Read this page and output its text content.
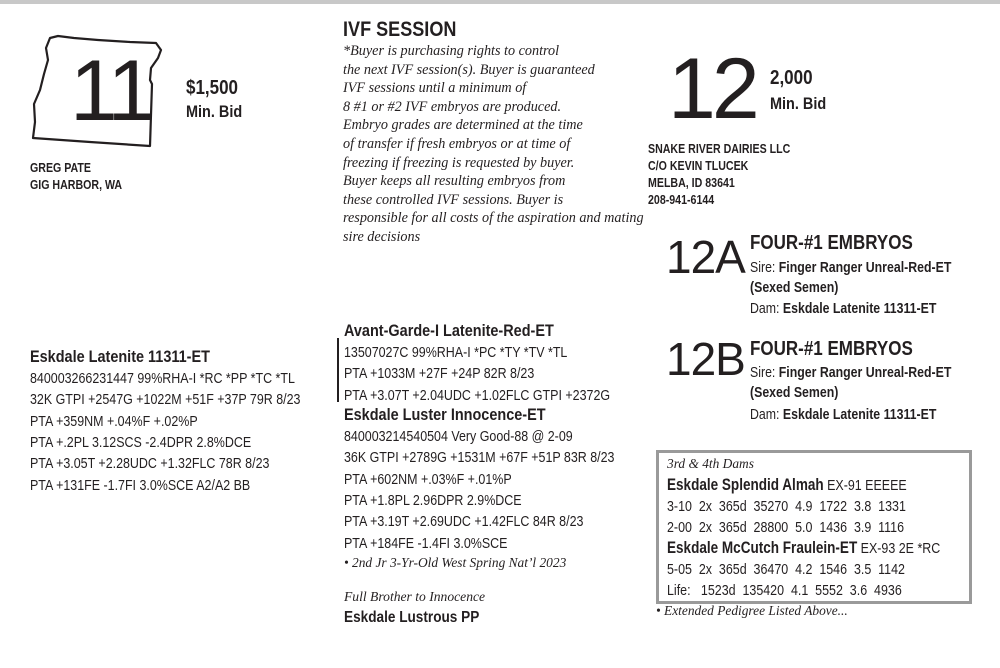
11 $1,500
Min. Bid
GREG PATE
GIG HARBOR, WA
IVF SESSION
*Buyer is purchasing rights to control
the next IVF session(s). Buyer is guaranteed
IVF sessions until a minimum of
8 #1 or #2 IVF embryos are produced.
Embryo grades are determined at the time
of transfer if fresh embryos or at time of
freezing if freezing is requested by buyer.
Buyer keeps all resulting embryos from
these controlled IVF sessions. Buyer is
responsible for all costs of the aspiration and mating
sire decisions
12 2,000
Min. Bid
SNAKE RIVER DAIRIES LLC
C/O KEVIN TLUCEK
MELBA, ID 83641
208-941-6144
12A FOUR-#1 EMBRYOS
Sire: Finger Ranger Unreal-Red-ET
(Sexed Semen)
Dam: Eskdale Latenite 11311-ET
12B FOUR-#1 EMBRYOS
Sire: Finger Ranger Unreal-Red-ET
(Sexed Semen)
Dam: Eskdale Latenite 11311-ET
Eskdale Latenite 11311-ET
840003266231447 99%RHA-I *RC *PP *TC *TL
32K GTPI +2547G +1022M +51F +37P 79R 8/23
PTA +359NM +.04%F +.02%P
PTA +.2PL 3.12SCS -2.4DPR 2.8%DCE
PTA +3.05T +2.28UDC +1.32FLC 78R 8/23
PTA +131FE -1.7FI 3.0%SCE A2/A2 BB
Avant-Garde-I Latenite-Red-ET
13507027C 99%RHA-I *PC *TY *TV *TL
PTA +1033M +27F +24P 82R 8/23
PTA +3.07T +2.04UDC +1.02FLC GTPI +2372G
Eskdale Luster Innocence-ET
840003214540504 Very Good-88 @ 2-09
36K GTPI +2789G +1531M +67F +51P 83R 8/23
PTA +602NM +.03%F +.01%P
PTA +1.8PL 2.96DPR 2.9%DCE
PTA +3.19T +2.69UDC +1.42FLC 84R 8/23
PTA +184FE -1.4FI 3.0%SCE
• 2nd Jr 3-Yr-Old West Spring Nat’l 2023
Full Brother to Innocence
Eskdale Lustrous PP
3rd & 4th Dams
Eskdale Splendid Almah EX-91 EEEEE
3-10  2x  365d  35270  4.9  1722  3.8  1331
2-00  2x  365d  28800  5.0  1436  3.9  1116
Eskdale McCutch Fraulein-ET EX-93 2E *RC
5-05  2x  365d  36470  4.2  1546  3.5  1142
Life:   1523d  135420  4.1  5552  3.6  4936
• Extended Pedigree Listed Above...
